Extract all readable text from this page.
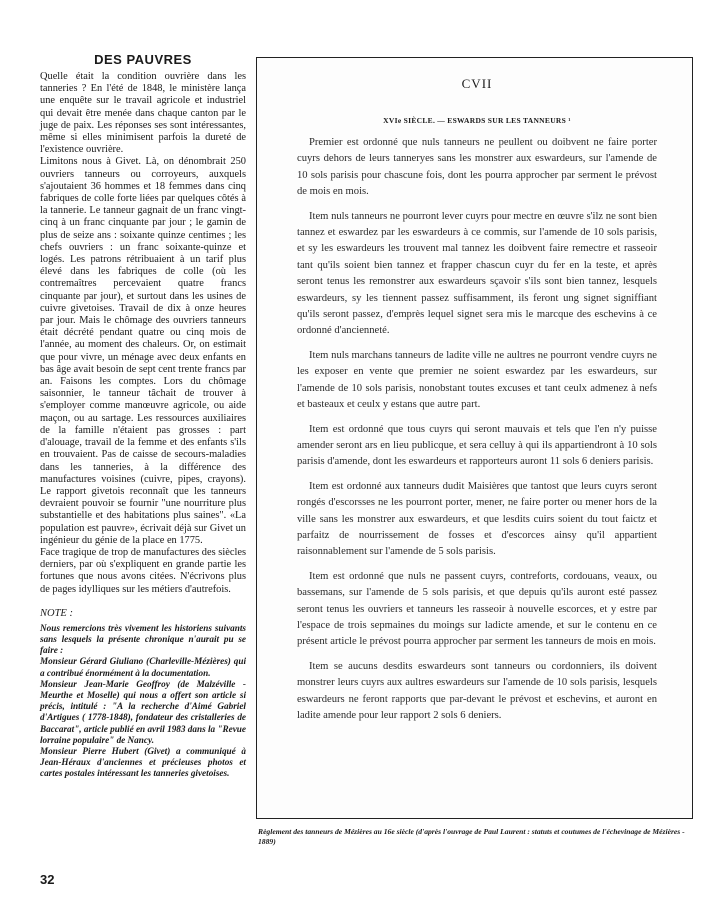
DES PAUVRES

Quelle était la condition ouvrière dans les tanneries ? En l'été de 1848, le ministère lança une enquête sur le travail agricole et industriel qui devait être menée dans chaque canton par le juge de paix. Les réponses ses sont intéressantes, même si elles minimisent parfois la dureté de l'existence ouvrière.

Limitons nous à Givet. Là, on dénombrait 250 ouvriers tanneurs ou corroyeurs, auxquels s'ajoutaient 36 hommes et 18 femmes dans cinq fabriques de colle forte liées par quelques côtés à la tannerie. Le tanneur gagnait de un franc vingt-cinq à un franc cinquante par jour ; le gamin de plus de seize ans : soixante quinze centimes ; les chefs ouvriers : un franc soixante-quinze et logés. Les patrons rétribuaient à un tarif plus élevé dans les fabriques de colle (où les contremaîtres percevaient quatre francs cinquante par jour), et surtout dans les usines de cuivre givetoises. Travail de dix à onze heures par jour. Mais le chômage des ouvriers tanneurs était décrété pendant quatre ou cinq mois de l'année, au moment des chaleurs. Or, on estimait que pour vivre, un ménage avec deux enfants en bas âge avait besoin de sept cent trente francs par an. Faisons les comptes. Lors du chômage saisonnier, le tanneur tâchait de trouver à s'employer comme manœuvre agricole, ou aide maçon, ou au sartage. Les ressources auxiliaires de la famille n'étaient pas grosses : part d'alouage, travail de la femme et des enfants s'ils en trouvaient. Pas de caisse de secours-maladies dans les tanneries, à la différence des manufactures voisines (cuivre, pipes, crayons). Le rapport givetois reconnaît que les tanneurs devraient pouvoir se fournir "une nourriture plus substantielle et des habitations plus saines". «La population est pauvre», écrivait déjà sur Givet un ingénieur du génie de la place en 1775.

Face tragique de trop de manufactures des siècles derniers, par où s'expliquent en grande partie les fortunes que nous avons citées. N'écrivons plus de pages idylliques sur les métiers d'autrefois.

NOTE :

Nous remercions très vivement les historiens suivants sans lesquels la présente chronique n'aurait pu se faire :

Monsieur Gérard Giuliano (Charleville-Mézières) qui a contribué énormément à la documentation.

Monsieur Jean-Marie Geoffroy (de Malzéville - Meurthe et Moselle) qui nous a offert son article si précis, intitulé : "A la recherche d'Aimé Gabriel d'Artigues ( 1778-1848), fondateur des cristalleries de Baccarat", article publié en avril 1983 dans la "Revue lorraine populaire" de Nancy.

Monsieur Pierre Hubert (Givet) a communiqué à Jean-Héraux d'anciennes et précieuses photos et cartes postales intéressant les tanneries givetoises.

CVII
XVIe SIÈCLE. — ESWARDS SUR LES TANNEURS ¹

Premier est ordonné que nuls tanneurs ne peullent ou doibvent ne faire porter cuyrs dehors de leurs tanneryes sans les monstrer aux eswardeurs, sur l'amende de 10 sols parisis pour chascune fois, dont les pourra approcher par serment le prévost de mois en mois.

Item nuls tanneurs ne pourront lever cuyrs pour mectre en œuvre s'ilz ne sont bien tannez et eswardez par les eswardeurs à ce commis, sur l'amende de 10 sols parisis, et sy les eswardeurs les trouvent mal tannez les doibvent faire remectre et rasseoir tant qu'ils soient bien tannez et frapper chascun cuyr du fer en la teste, et après seront tenus les remonstrer aux eswardeurs sçavoir s'ils sont bien tannez, lesquels eswardeurs, sy les tiennent passez suffisamment, ils feront ung signet signiffiant qu'ils seront passez, d'emprès lequel signet sera mis le marcque des eschevins à ce ordonné d'ancienneté.

Item nuls marchans tanneurs de ladite ville ne aultres ne pourront vendre cuyrs ne les exposer en vente que premier ne soient eswardez par les eswardeurs, sur l'amende de 10 sols parisis, nonobstant toutes excuses et tant ceulx admenez à nefs et basteaux et ceulx y estans que autre part.

Item est ordonné que tous cuyrs qui seront mauvais et tels que l'en n'y puisse amender seront ars en lieu publicque, et sera celluy à qui ils appartiendront à 10 sols parisis d'amende, dont les eswardeurs et rapporteurs auront 11 sols 6 deniers parisis.

Item est ordonné aux tanneurs dudit Maisières que tantost que leurs cuyrs seront rongés d'escorsses ne les pourront porter, mener, ne faire porter ou mener hors de la ville sans les monstrer aux eswardeurs, et que lesdits cuirs soient du tout faictz et parfaitz de nourrissement de fosses et d'escorces ainsy qu'il appartient raisonnablement sur l'amende de 5 sols parisis.

Item est ordonné que nuls ne passent cuyrs, contreforts, cordouans, veaux, ou bassemans, sur l'amende de 5 sols parisis, et que depuis qu'ils auront esté passez seront tenus les ouvriers et tanneurs les rasseoir à nouvelle escorces, et y estre par l'espace de trois sepmaines du moings sur ladicte amende, et sur le contenu en ce présent article le prévost pourra approcher par serment les tanneurs de mois en mois.

Item se aucuns desdits eswardeurs sont tanneurs ou cordonniers, ils doivent monstrer leurs cuyrs aux aultres eswardeurs sur l'amende de 10 sols parisis, lesquels eswardeurs ne feront rapports que par-devant le prévost et eschevins, et auront en ladite amende pour leur rapport 2 sols 6 deniers.

Règlement des tanneurs de Mézières au 16e siècle (d'après l'ouvrage de Paul Laurent : statuts et coutumes de l'échevinage de Mézières - 1889)
32
